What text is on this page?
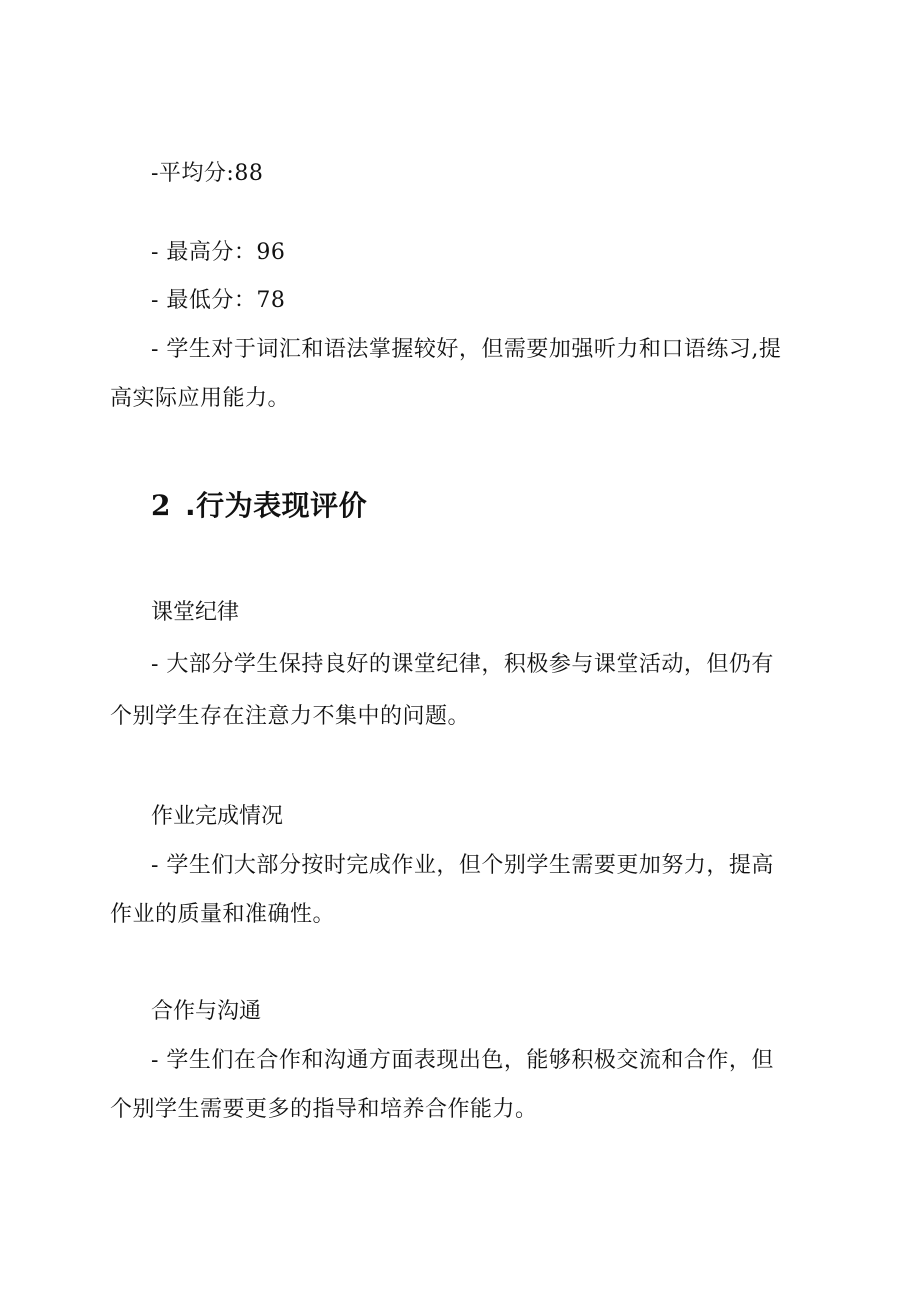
-平均分:88

- 最高分：96

- 最低分：78

- 学生对于词汇和语法掌握较好，但需要加强听力和口语练习,提

高实际应用能力。

2 .行为表现评价

课堂纪律

- 大部分学生保持良好的课堂纪律，积极参与课堂活动，但仍有

个别学生存在注意力不集中的问题。

作业完成情况

- 学生们大部分按时完成作业，但个别学生需要更加努力，提高

作业的质量和准确性。

合作与沟通

- 学生们在合作和沟通方面表现出色，能够积极交流和合作，但

个别学生需要更多的指导和培养合作能力。
